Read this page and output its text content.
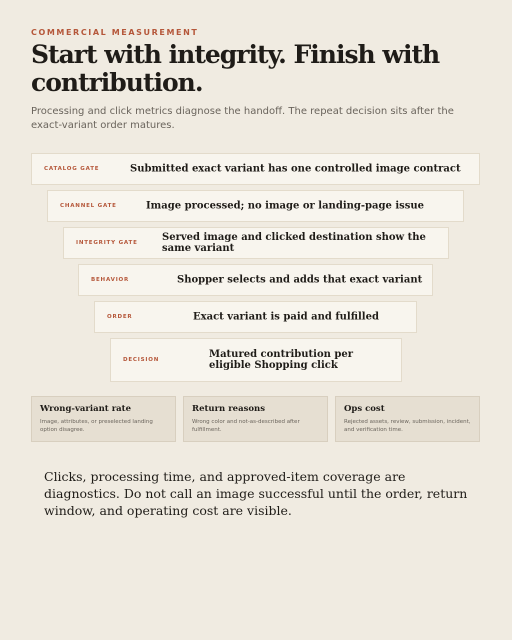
COMMERCIAL MEASUREMENT
Start with integrity. Finish with contribution.
Processing and click metrics diagnose the handoff. The repeat decision sits after the exact-variant order matures.
CATALOG GATE	Submitted exact variant has one controlled image contract
CHANNEL GATE	Image processed; no image or landing-page issue
INTEGRITY GATE Served image and clicked destination show the same variant
BEHAVIOR	Shopper selects and adds that exact variant
ORDER	Exact variant is paid and fulfilled
DECISION	Matured contribution per eligible Shopping click
Wrong-variant rate
Image, attributes, or preselected landing option disagree.
Return reasons
Wrong color and not-as-described after fulfillment.
Ops cost
Rejected assets, review, submission, incident, and verification time.
Clicks, processing time, and approved-item coverage are diagnostics. Do not call an image successful until the order, return window, and operating cost are visible.
